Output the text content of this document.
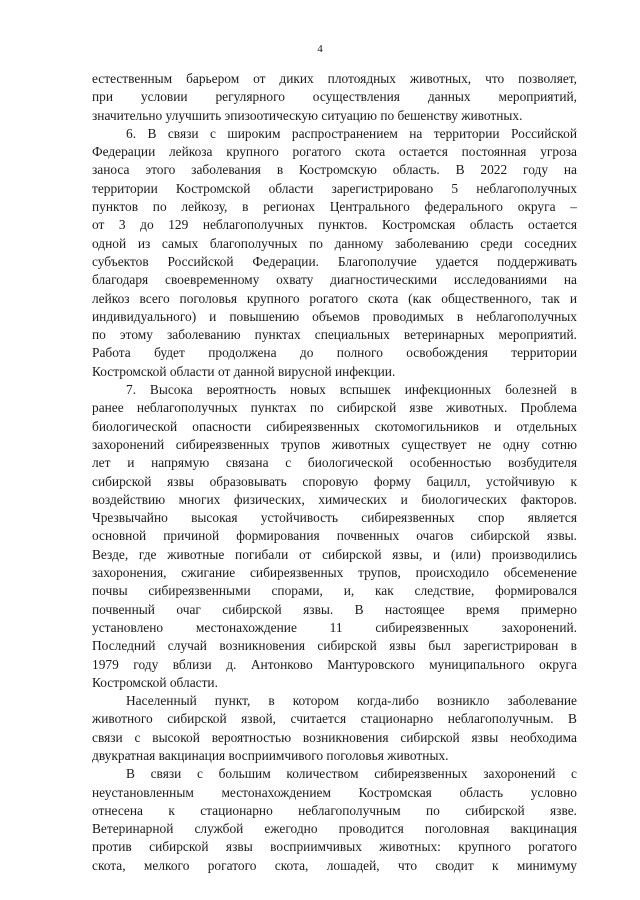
4
естественным барьером от диких плотоядных животных, что позволяет,
при условии регулярного осуществления данных мероприятий,
значительно улучшить эпизоотическую ситуацию по бешенству животных.
6. В связи с широким распространением на территории Российской
Федерации лейкоза крупного рогатого скота остается постоянная угроза
заноса этого заболевания в Костромскую область. В 2022 году на
территории Костромской области зарегистрировано 5 неблагополучных
пунктов по лейкозу, в регионах Центрального федерального округа –
от 3 до 129 неблагополучных пунктов. Костромская область остается
одной из самых благополучных по данному заболеванию среди соседних
субъектов Российской Федерации. Благополучие удается поддерживать
благодаря своевременному охвату диагностическими исследованиями на
лейкоз всего поголовья крупного рогатого скота (как общественного, так и
индивидуального) и повышению объемов проводимых в неблагополучных
по этому заболеванию пунктах специальных ветеринарных мероприятий.
Работа будет продолжена до полного освобождения территории
Костромской области от данной вирусной инфекции.
7. Высока вероятность новых вспышек инфекционных болезней в
ранее неблагополучных пунктах по сибирской язве животных. Проблема
биологической опасности сибиреязвенных скотомогильников и отдельных
захоронений сибиреязвенных трупов животных существует не одну сотню
лет и напрямую связана с биологической особенностью возбудителя
сибирской язвы образовывать споровую форму бацилл, устойчивую к
воздействию многих физических, химических и биологических факторов.
Чрезвычайно высокая устойчивость сибиреязвенных спор является
основной причиной формирования почвенных очагов сибирской язвы.
Везде, где животные погибали от сибирской язвы, и (или) производились
захоронения, сжигание сибиреязвенных трупов, происходило обсеменение
почвы сибиреязвенными спорами, и, как следствие, формировался
почвенный очаг сибирской язвы. В настоящее время примерно
установлено местонахождение 11 сибиреязвенных захоронений.
Последний случай возникновения сибирской язвы был зарегистрирован в
1979 году вблизи д. Антонково Мантуровского муниципального округа
Костромской области.
Населенный пункт, в котором когда-либо возникло заболевание
животного сибирской язвой, считается стационарно неблагополучным. В
связи с высокой вероятностью возникновения сибирской язвы необходима
двукратная вакцинация восприимчивого поголовья животных.
В связи с большим количеством сибиреязвенных захоронений с
неустановленным местонахождением Костромская область условно
отнесена к стационарно неблагополучным по сибирской язве.
Ветеринарной службой ежегодно проводится поголовная вакцинация
против сибирской язвы восприимчивых животных: крупного рогатого
скота, мелкого рогатого скота, лошадей, что сводит к минимуму
